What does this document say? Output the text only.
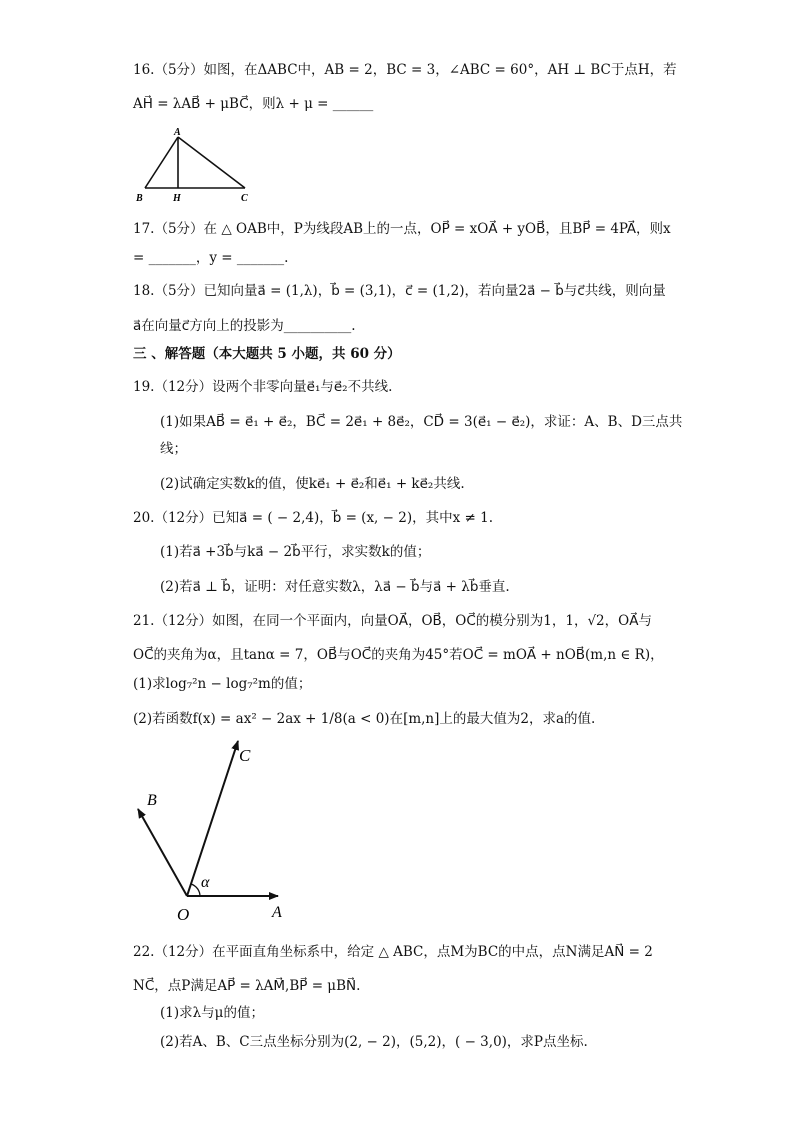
16.（5分）如图，在ΔABC中，AB = 2，BC = 3，∠ABC = 60°，AH ⊥ BC于点H，若
AH⃗ = λAB⃗ + μBC⃗，则λ + μ = ______
A
B	H	C
17.（5分）在 △ OAB中，P为线段AB上的一点，OP⃗ = xOA⃗ + yOB⃗，且BP⃗ = 4PA⃗，则x
= _______，y = _______.
18.（5分）已知向量a⃗ = (1,λ)，b⃗ = (3,1)，c⃗ = (1,2)，若向量2a⃗ − b⃗与c⃗共线，则向量
a⃗在向量c⃗方向上的投影为__________.
三 、解答题（本大题共 5 小题，共 60 分）
19.（12分）设两个非零向量e⃗₁与e⃗₂不共线.
(1)如果AB⃗ = e⃗₁ + e⃗₂，BC⃗ = 2e⃗₁ + 8e⃗₂，CD⃗ = 3(e⃗₁ − e⃗₂)，求证：A、B、D三点共
线；
(2)试确定实数k的值，使ke⃗₁ + e⃗₂和e⃗₁ + ke⃗₂共线.
20.（12分）已知a⃗ = ( − 2,4)，b⃗ = (x, − 2)，其中x ≠ 1.
(1)若a⃗ +3b⃗与ka⃗ − 2b⃗平行，求实数k的值；
(2)若a⃗ ⊥ b⃗，证明：对任意实数λ，λa⃗ − b⃗与a⃗ + λb⃗垂直.
21.（12分）如图，在同一个平面内，向量OA⃗，OB⃗，OC⃗的模分别为1，1，√2，OA⃗与
OC⃗的夹角为α，且tanα = 7，OB⃗与OC⃗的夹角为45°若OC⃗ = mOA⃗ + nOB⃗(m,n ∈ R)，
(1)求log₇²n − log₇²m的值；
(2)若函数f(x) = ax² − 2ax + 1/8(a < 0)在[m,n]上的最大值为2，求a的值.
C
B
α
O	A
22.（12分）在平面直角坐标系中，给定 △ ABC，点M为BC的中点，点N满足AN⃗ = 2
NC⃗，点P满足AP⃗ = λAM⃗,BP⃗ = μBN⃗.
(1)求λ与μ的值；
(2)若A、B、C三点坐标分别为(2, − 2)，(5,2)，( − 3,0)，求P点坐标.
